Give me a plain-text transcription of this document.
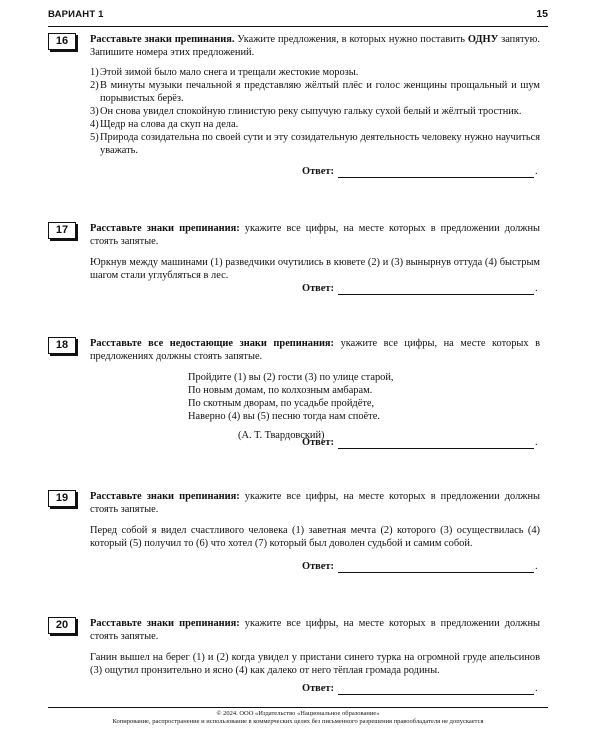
ВАРИАНТ 1	15
16	Расставьте знаки препинания. Укажите предложения, в которых нужно поставить ОДНУ запятую. Запишите номера этих предложений.

1) Этой зимой было мало снега и трещали жестокие морозы.
2) В минуты музыки печальной я представляю жёлтый плёс и голос женщины прощальный и шум порывистых берёз.
3) Он снова увидел спокойную глинистую реку сыпучую гальку сухой белый и жёлтый тростник.
4) Щедр на слова да скуп на дела.
5) Природа созидательна по своей сути и эту созидательную деятельность человеку нужно научиться уважать.
Ответ:	.
17	Расставьте знаки препинания: укажите все цифры, на месте которых в предложении должны стоять запятые.

Юркнув между машинами (1) разведчики очутились в кювете (2) и (3) вынырнув оттуда (4) быстрым шагом стали углубляться в лес.

Ответ:	.
18	Расставьте все недостающие знаки препинания: укажите все цифры, на месте которых в предложениях должны стоять запятые.

Пройдите (1) вы (2) гости (3) по улице старой,
По новым домам, по колхозным амбарам.
По скотным дворам, по усадьбе пройдёте,
Наверно (4) вы (5) песню тогда нам споёте.
(А. Т. Твардовский)
Ответ:	.
19	Расставьте знаки препинания: укажите все цифры, на месте которых в предложении должны стоять запятые.

Перед собой я видел счастливого человека (1) заветная мечта (2) которого (3) осуществилась (4) который (5) получил то (6) что хотел (7) который был доволен судьбой и самим собой.

Ответ:	.
20	Расставьте знаки препинания: укажите все цифры, на месте которых в предложении должны стоять запятые.

Ганин вышел на берег (1) и (2) когда увидел у пристани синего турка на огромной груде апельсинов (3) ощутил пронзительно и ясно (4) как далеко от него тёплая громада родины.

Ответ:	.
© 2024. ООО «Издательство «Национальное образование»
Копирование, распространение и использование в коммерческих целях без письменного разрешения правообладателя не допускается
